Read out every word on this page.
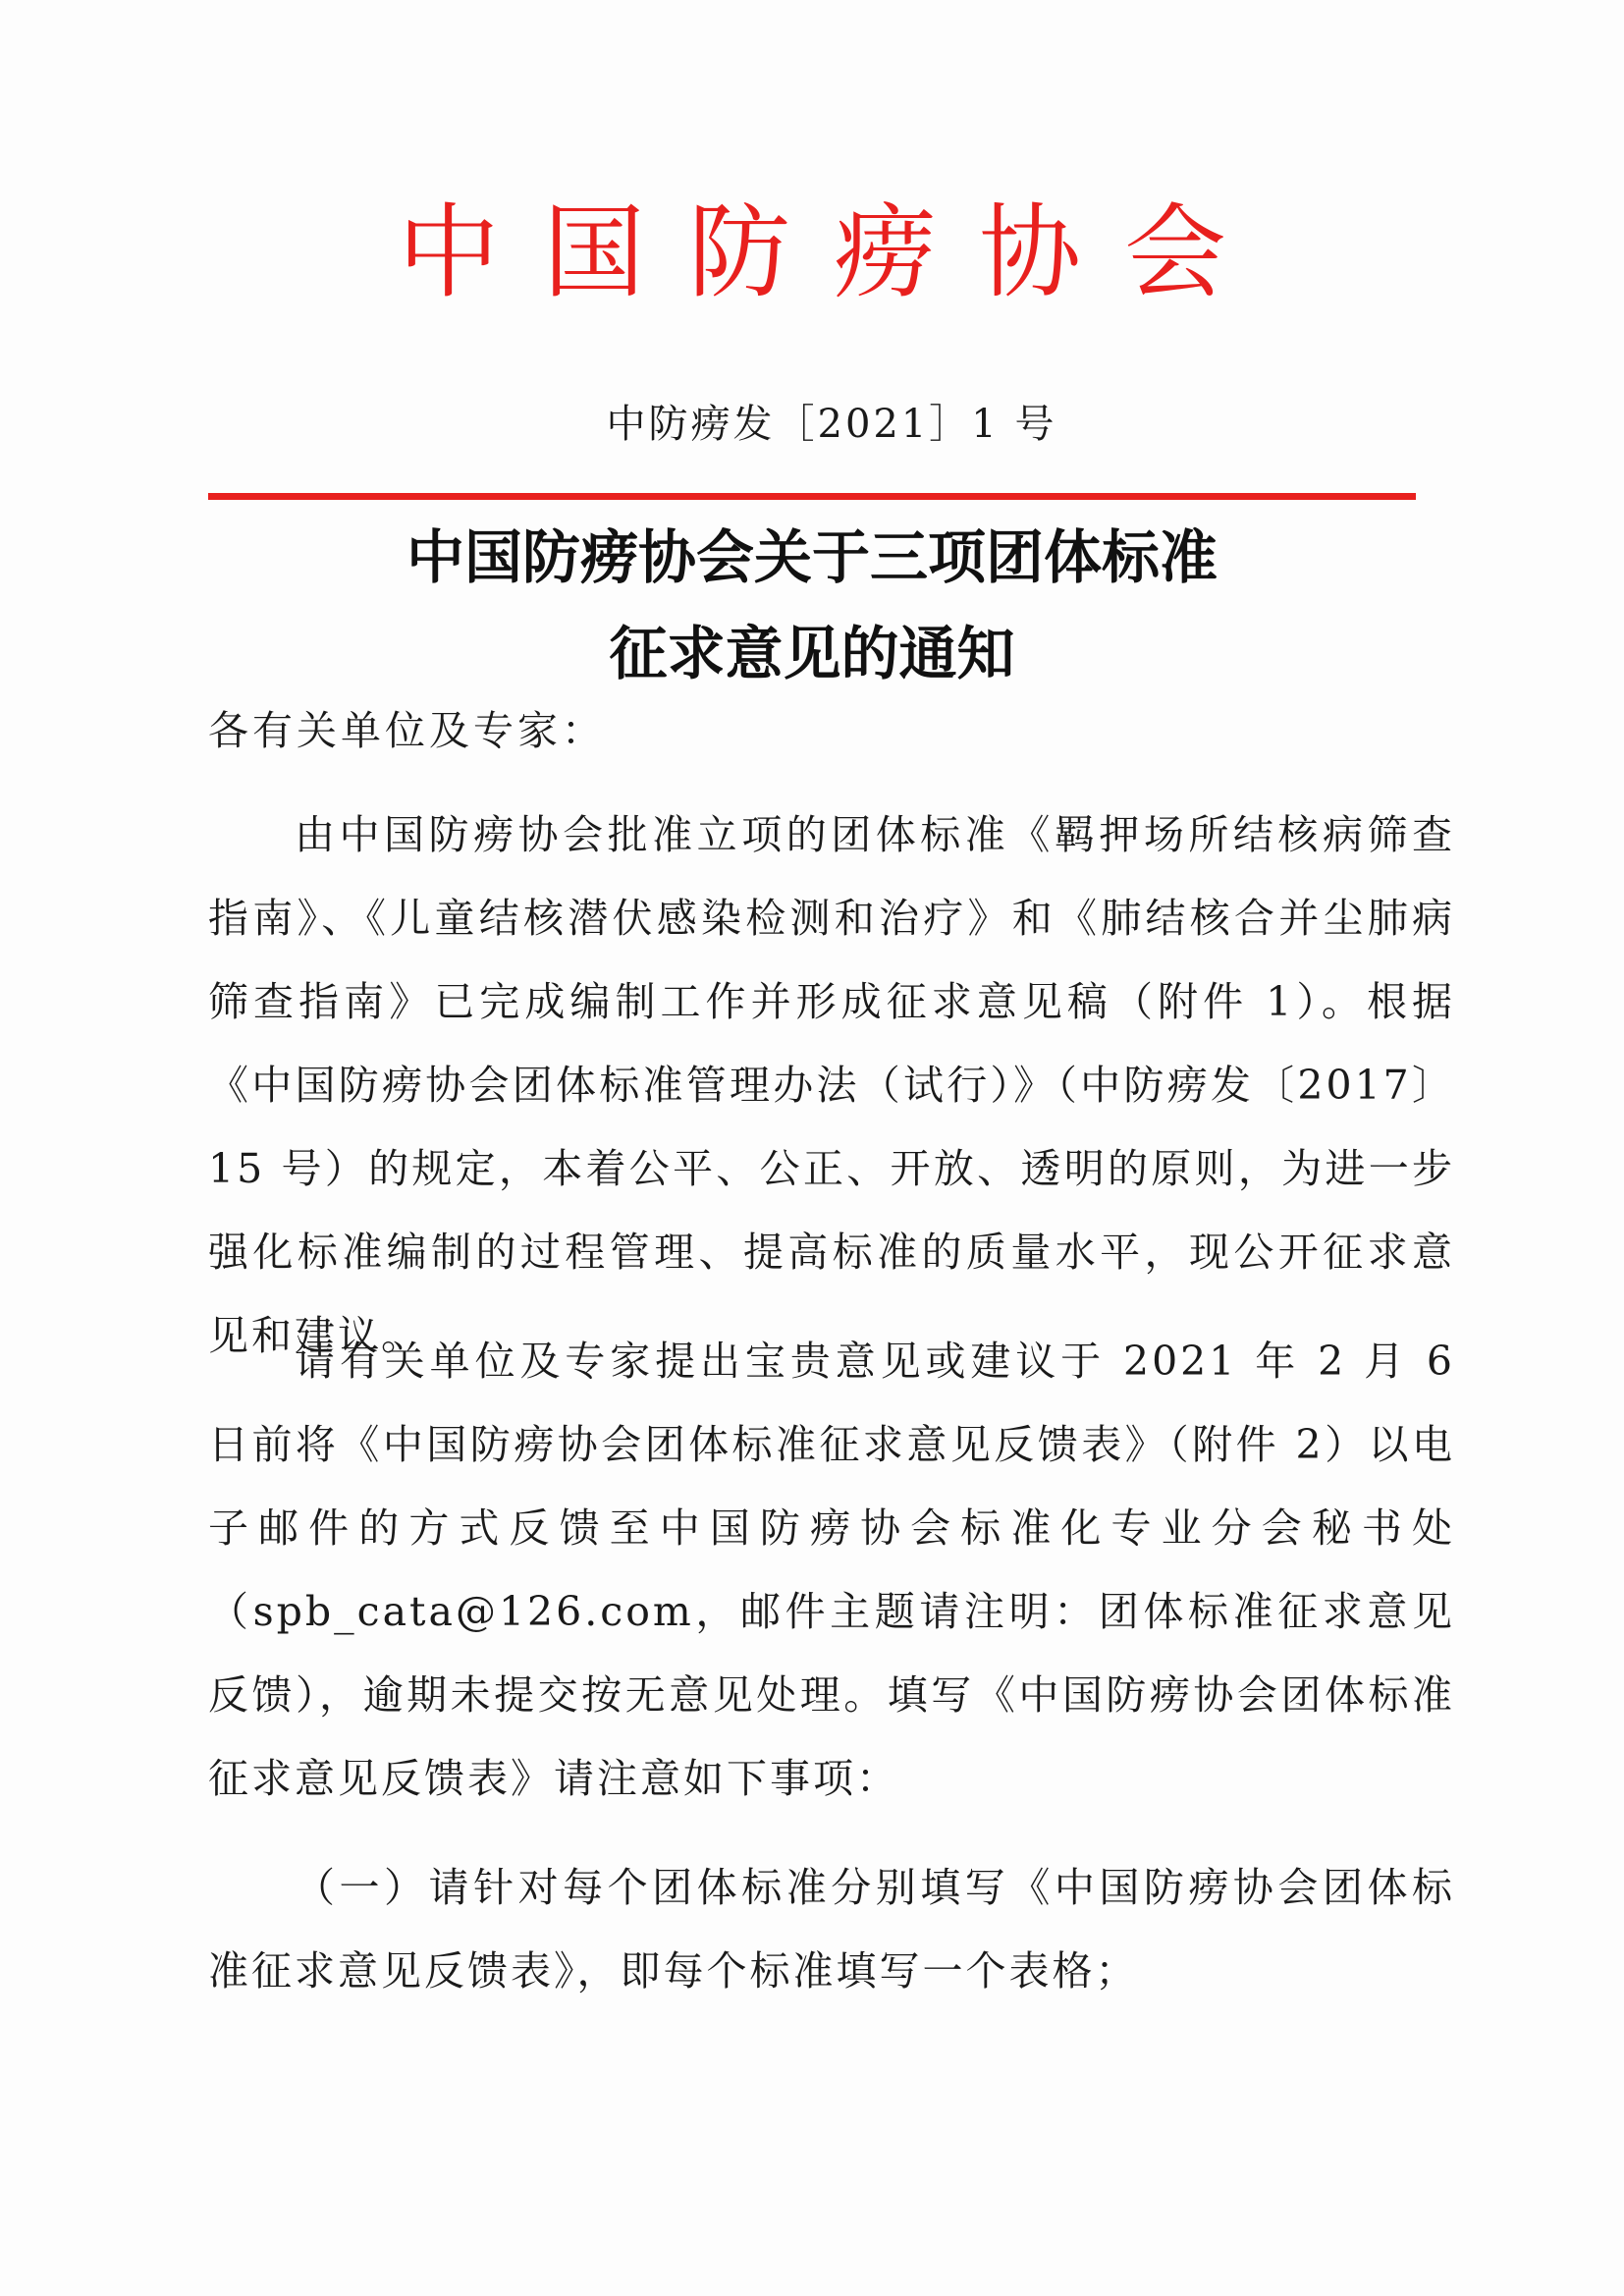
中国防痨协会
中防痨发［2021］1 号
中国防痨协会关于三项团体标准
征求意见的通知
各有关单位及专家：

由中国防痨协会批准立项的团体标准《羁押场所结核病筛查指南》、《儿童结核潜伏感染检测和治疗》和《肺结核合并尘肺病筛查指南》已完成编制工作并形成征求意见稿（附件 1）。根据《中国防痨协会团体标准管理办法（试行）》（中防痨发〔2017〕15 号）的规定，本着公平、公正、开放、透明的原则，为进一步强化标准编制的过程管理、提高标准的质量水平，现公开征求意见和建议。

请有关单位及专家提出宝贵意见或建议于 2021 年 2 月 6 日前将《中国防痨协会团体标准征求意见反馈表》（附件 2）以电子邮件的方式反馈至中国防痨协会标准化专业分会秘书处（spb_cata@126.com，邮件主题请注明：团体标准征求意见反馈），逾期未提交按无意见处理。填写《中国防痨协会团体标准征求意见反馈表》请注意如下事项：

（一）请针对每个团体标准分别填写《中国防痨协会团体标准征求意见反馈表》，即每个标准填写一个表格；
